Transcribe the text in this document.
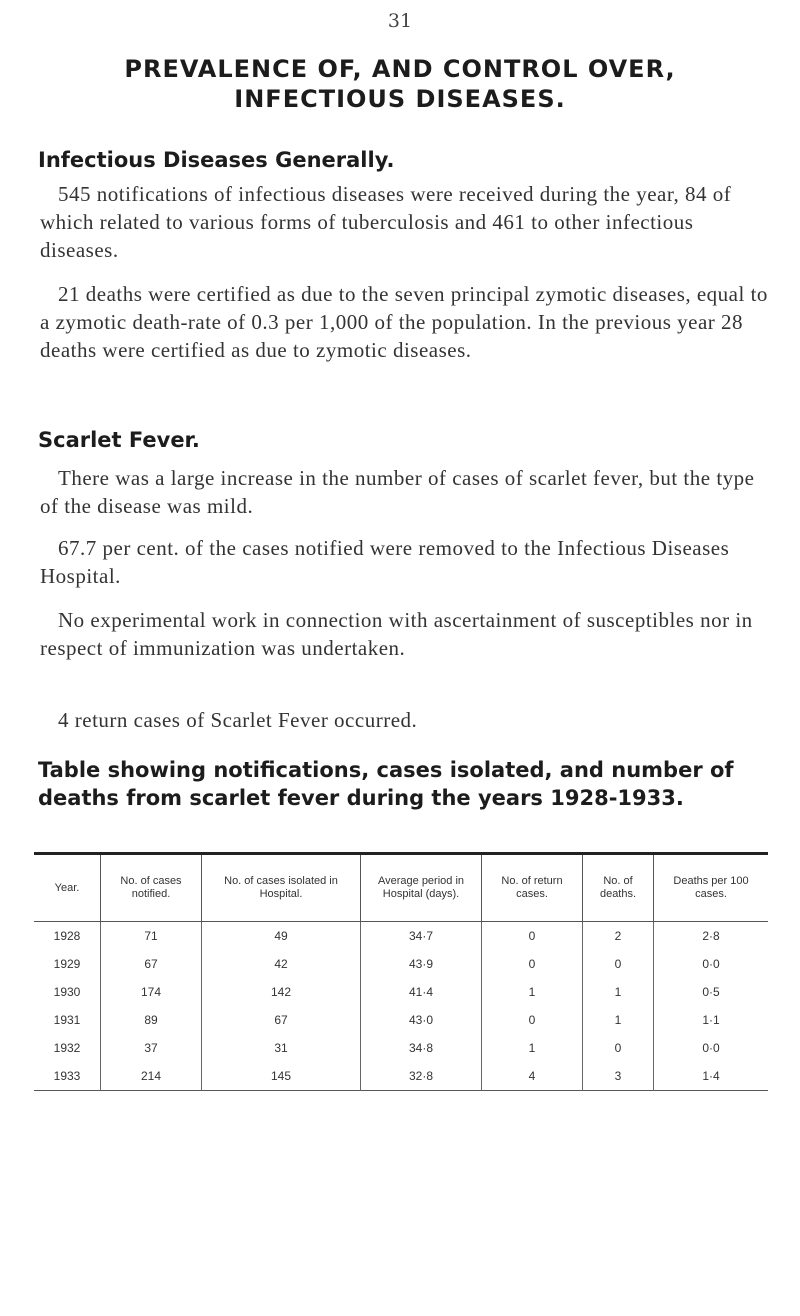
31
PREVALENCE OF, AND CONTROL OVER,
INFECTIOUS DISEASES.
Infectious Diseases Generally.

545 notifications of infectious diseases were received during the year, 84 of which related to various forms of tuberculosis and 461 to other infectious diseases.

21 deaths were certified as due to the seven principal zymotic diseases, equal to a zymotic death-rate of 0.3 per 1,000 of the population. In the previous year 28 deaths were certified as due to zymotic diseases.

Scarlet Fever.

There was a large increase in the number of cases of scarlet fever, but the type of the disease was mild.

67.7 per cent. of the cases notified were removed to the Infectious Diseases Hospital.

No experimental work in connection with ascertainment of susceptibles nor in respect of immunization was undertaken.

4 return cases of Scarlet Fever occurred.

Table showing notifications, cases isolated, and number of deaths from scarlet fever during the years 1928-1933.
Year.	No. of cases notified.	No. of cases isolated in Hospital.	Average period in Hospital (days).	No. of return cases.	No. of deaths.	Deaths per 100 cases.
1928	71	49	34·7	0	2	2·8
1929	67	42	43·9	0	0	0·0
1930	174	142	41·4	1	1	0·5
1931	89	67	43·0	0	1	1·1
1932	37	31	34·8	1	0	0·0
1933	214	145	32·8	4	3	1·4
